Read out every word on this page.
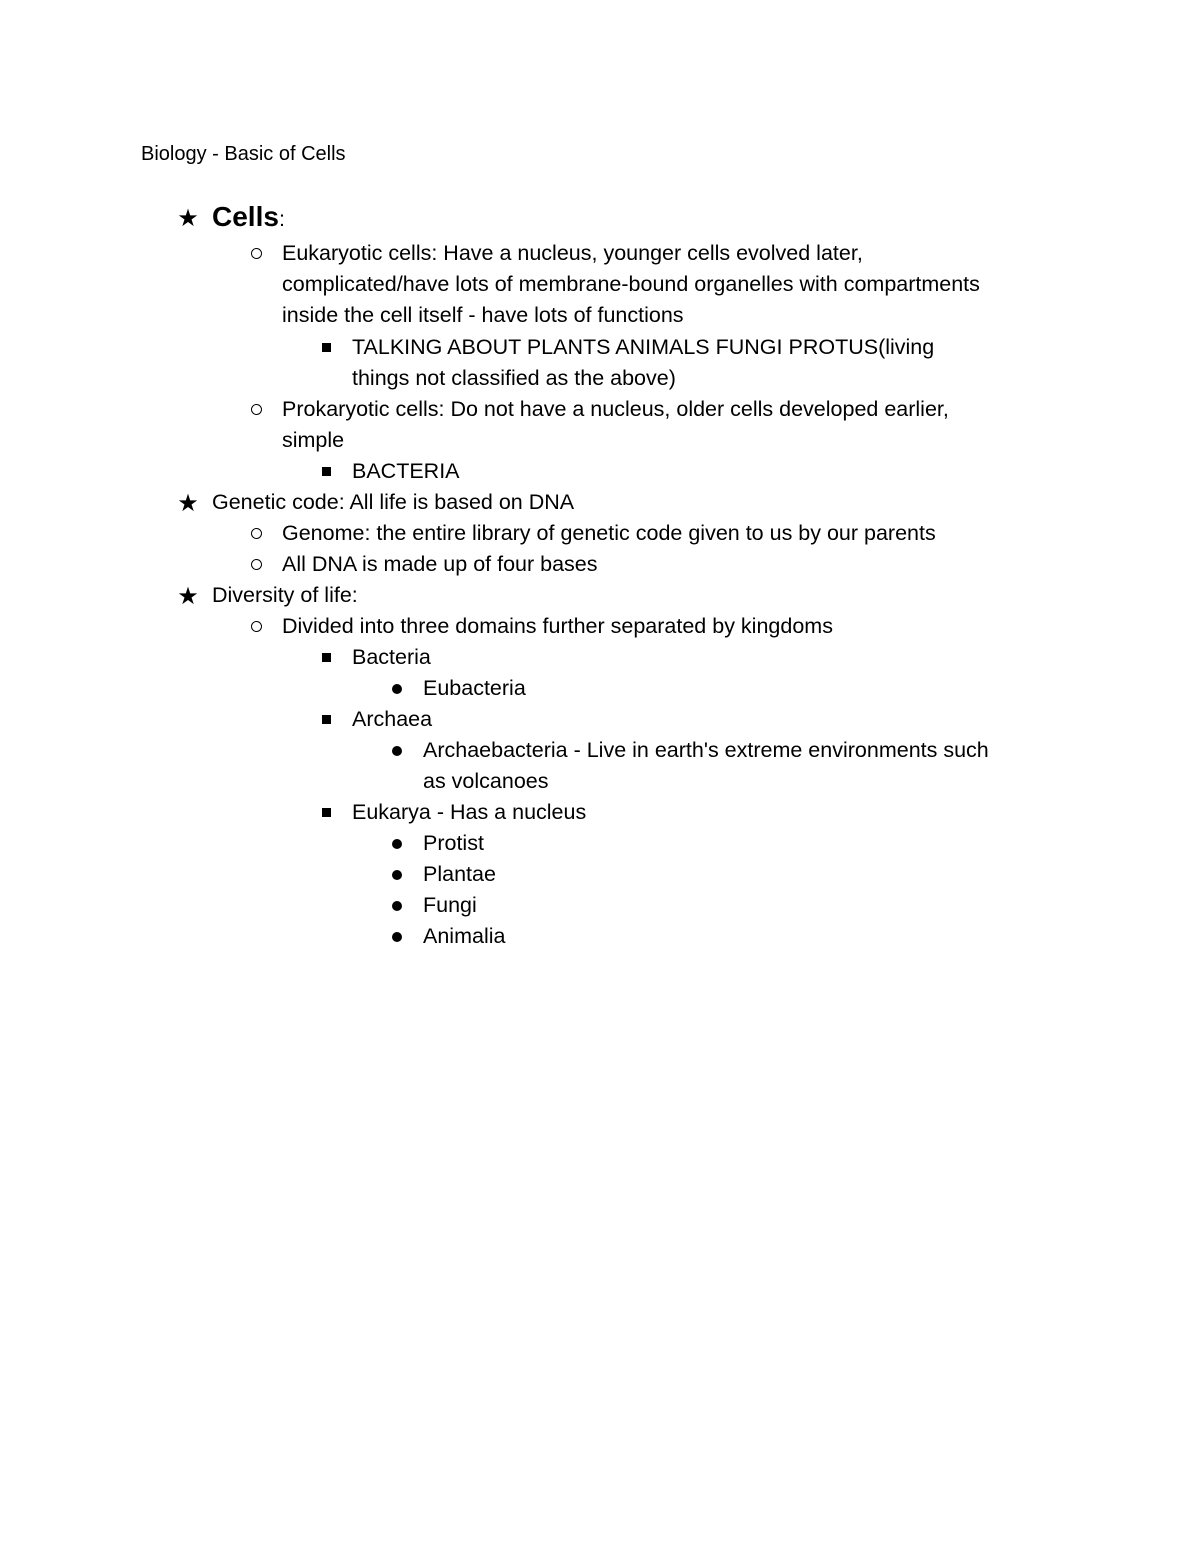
Biology - Basic of Cells
★ Cells:
Eukaryotic cells: Have a nucleus, younger cells evolved later,
complicated/have lots of membrane-bound organelles with compartments
inside the cell itself - have lots of functions
TALKING ABOUT PLANTS ANIMALS FUNGI PROTUS(living
things not classified as the above)
Prokaryotic cells: Do not have a nucleus, older cells developed earlier,
simple
BACTERIA
★ Genetic code: All life is based on DNA
Genome: the entire library of genetic code given to us by our parents
All DNA is made up of four bases
★ Diversity of life:
Divided into three domains further separated by kingdoms
Bacteria
Eubacteria
Archaea
Archaebacteria - Live in earth's extreme environments such
as volcanoes
Eukarya - Has a nucleus
Protist
Plantae
Fungi
Animalia
